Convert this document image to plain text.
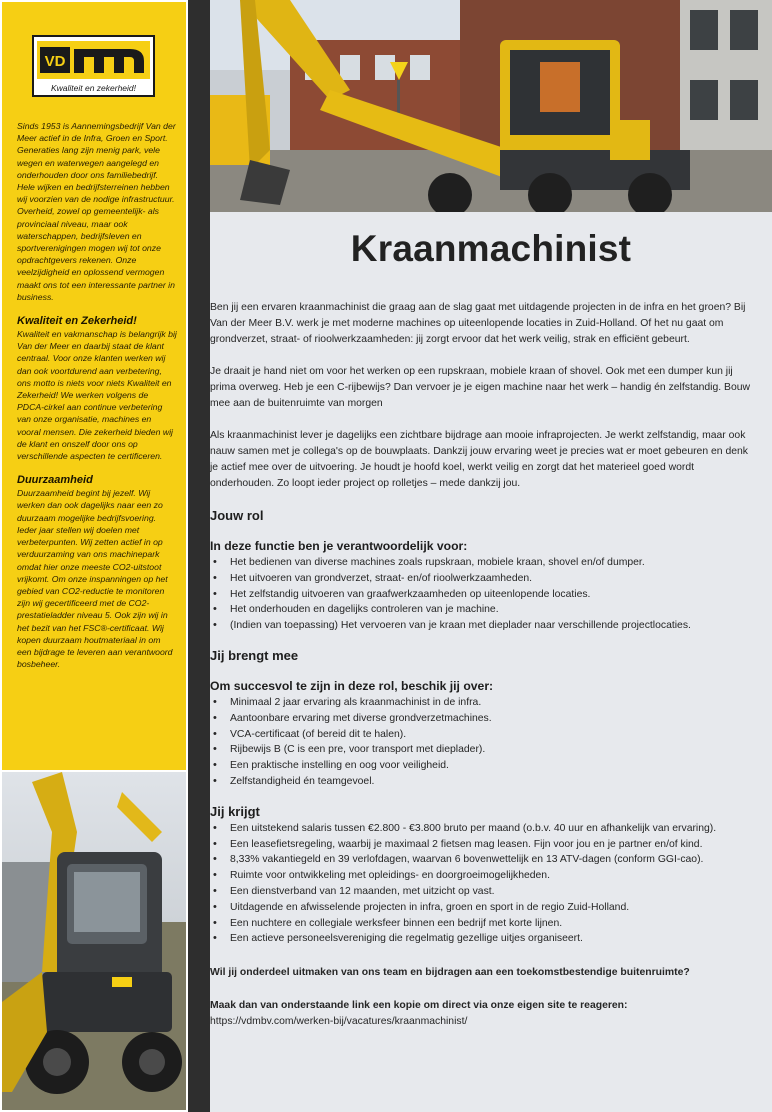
VD
Kwaliteit en zekerheid!

Sinds 1953 is Aannemingsbedrijf Van der Meer actief in de Infra, Groen en Sport. Generaties lang zijn menig park, vele wegen en waterwegen aangelegd en onderhouden door ons familiebedrijf. Hele wijken en bedrijfsterreinen hebben wij voorzien van de nodige infrastructuur. Overheid, zowel op gemeentelijk- als provinciaal niveau, maar ook waterschappen, bedrijfsleven en sportverenigingen mogen wij tot onze opdrachtgevers rekenen. Onze veelzijdigheid en oplossend vermogen maakt ons tot een interessante partner in business.

Kwaliteit en Zekerheid!

Kwaliteit en vakmanschap is belangrijk bij Van der Meer en daarbij staat de klant centraal. Voor onze klanten werken wij dan ook voortdurend aan verbetering, ons motto is niets voor niets Kwaliteit en Zekerheid! We werken volgens de PDCA-cirkel aan continue verbetering van onze organisatie, machines en vooral mensen. Die zekerheid bieden wij de klant en onszelf door ons op verschillende aspecten te certificeren.

Duurzaamheid

Duurzaamheid begint bij jezelf. Wij werken dan ook dagelijks naar een zo duurzaam mogelijke bedrijfsvoering. Ieder jaar stellen wij doelen met verbeterpunten. Wij zetten actief in op verduurzaming van ons machinepark omdat hier onze meeste CO2-uitstoot vrijkomt. Om onze inspanningen op het gebied van CO2-reductie te monitoren zijn wij gecertificeerd met de CO2-prestatieladder niveau 5. Ook zijn wij in het bezit van het FSC®-certificaat. Wij kopen duurzaam houtmateriaal in om een bijdrage te leveren aan verantwoord bosbeheer.

Kraanmachinist

Ben jij een ervaren kraanmachinist die graag aan de slag gaat met uitdagende projecten in de infra en het groen? Bij Van der Meer B.V. werk je met moderne machines op uiteenlopende locaties in Zuid-Holland. Of het nu gaat om grondverzet, straat- of rioolwerkzaamheden: jij zorgt ervoor dat het werk veilig, strak en efficiënt gebeurt.

Je draait je hand niet om voor het werken op een rupskraan, mobiele kraan of shovel. Ook met een dumper kun jij prima overweg. Heb je een C-rijbewijs? Dan vervoer je je eigen machine naar het werk – handig én zelfstandig. Bouw mee aan de buitenruimte van morgen

Als kraanmachinist lever je dagelijks een zichtbare bijdrage aan mooie infraprojecten. Je werkt zelfstandig, maar ook nauw samen met je collega's op de bouwplaats. Dankzij jouw ervaring weet je precies wat er moet gebeuren en denk je actief mee over de uitvoering. Je houdt je hoofd koel, werkt veilig en zorgt dat het materieel goed wordt onderhouden. Zo loopt ieder project op rolletjes – mede dankzij jou.

Jouw rol
In deze functie ben je verantwoordelijk voor:
• Het bedienen van diverse machines zoals rupskraan, mobiele kraan, shovel en/of dumper.
• Het uitvoeren van grondverzet, straat- en/of rioolwerkzaamheden.
• Het zelfstandig uitvoeren van graafwerkzaamheden op uiteenlopende locaties.
• Het onderhouden en dagelijks controleren van je machine.
• (Indien van toepassing) Het vervoeren van je kraan met dieplader naar verschillende projectlocaties.
Jij brengt mee
Om succesvol te zijn in deze rol, beschik jij over:
• Minimaal 2 jaar ervaring als kraanmachinist in de infra.
• Aantoonbare ervaring met diverse grondverzetmachines.
• VCA-certificaat (of bereid dit te halen).
• Rijbewijs B (C is een pre, voor transport met dieplader).
• Een praktische instelling en oog voor veiligheid.
• Zelfstandigheid én teamgevoel.
Jij krijgt
• Een uitstekend salaris tussen €2.800 - €3.800 bruto per maand (o.b.v. 40 uur en afhankelijk van ervaring).
• Een leasefietsregeling, waarbij je maximaal 2 fietsen mag leasen. Fijn voor jou en je partner en/of kind.
• 8,33% vakantiegeld en 39 verlofdagen, waarvan 6 bovenwettelijk en 13 ATV-dagen (conform GGI-cao).
• Ruimte voor ontwikkeling met opleidings- en doorgroeimogelijkheden.
• Een dienstverband van 12 maanden, met uitzicht op vast.
• Uitdagende en afwisselende projecten in infra, groen en sport in de regio Zuid-Holland.
• Een nuchtere en collegiale werksfeer binnen een bedrijf met korte lijnen.
• Een actieve personeelsvereniging die regelmatig gezellige uitjes organiseert.

Wil jij onderdeel uitmaken van ons team en bijdragen aan een toekomstbestendige buitenruimte?

Maak dan van onderstaande link een kopie om direct via onze eigen site te reageren:

https://vdmbv.com/werken-bij/vacatures/kraanmachinist/
